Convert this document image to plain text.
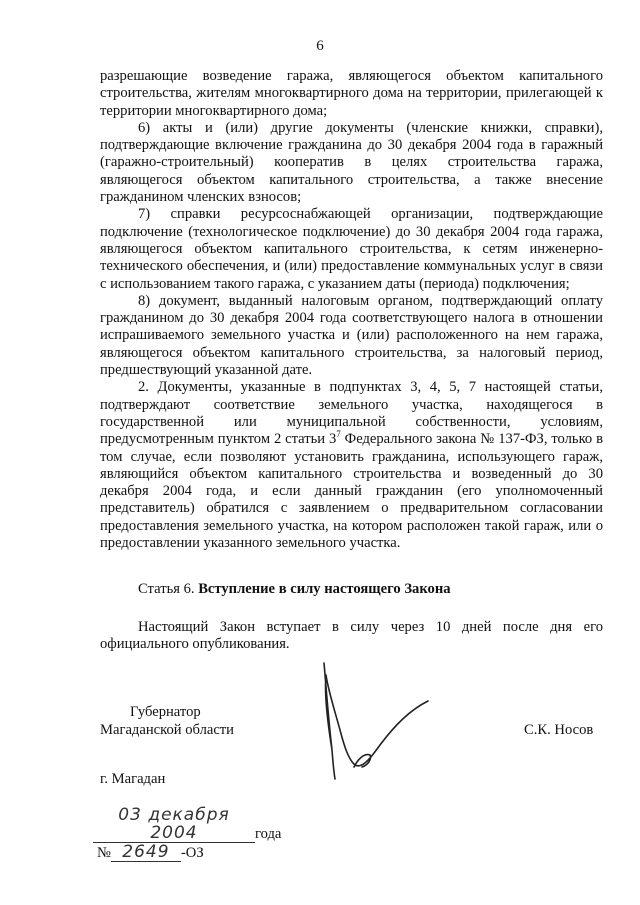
6

разрешающие возведение гаража, являющегося объектом капитального строительства, жителям многоквартирного дома на территории, прилегающей к территории многоквартирного дома;

6) акты и (или) другие документы (членские книжки, справки), подтверждающие включение гражданина до 30 декабря 2004 года в гаражный (гаражно-строительный) кооператив в целях строительства гаража, являющегося объектом капитального строительства, а также внесение гражданином членских взносов;

7) справки ресурсоснабжающей организации, подтверждающие подключение (технологическое подключение) до 30 декабря 2004 года гаража, являющегося объектом капитального строительства, к сетям инженерно-технического обеспечения, и (или) предоставление коммунальных услуг в связи с использованием такого гаража, с указанием даты (периода) подключения;

8) документ, выданный налоговым органом, подтверждающий оплату гражданином до 30 декабря 2004 года соответствующего налога в отношении испрашиваемого земельного участка и (или) расположенного на нем гаража, являющегося объектом капитального строительства, за налоговый период, предшествующий указанной дате.

2. Документы, указанные в подпунктах 3, 4, 5, 7 настоящей статьи, подтверждают соответствие земельного участка, находящегося в государственной или муниципальной собственности, условиям, предусмотренным пунктом 2 статьи $3^7$ Федерального закона № 137-ФЗ, только в том случае, если позволяют установить гражданина, использующего гараж, являющийся объектом капитального строительства и возведенный до 30 декабря 2004 года, и если данный гражданин (его уполномоченный представитель) обратился с заявлением о предварительном согласовании предоставления земельного участка, на котором расположен такой гараж, или о предоставлении указанного земельного участка.

Статья 6. Вступление в силу настоящего Закона

Настоящий Закон вступает в силу через 10 дней после дня его официального опубликования.

Губернатор
Магаданской области	С.К. Носов
г. Магадан
03 декабря 2004	года
№ 2649 -ОЗ
